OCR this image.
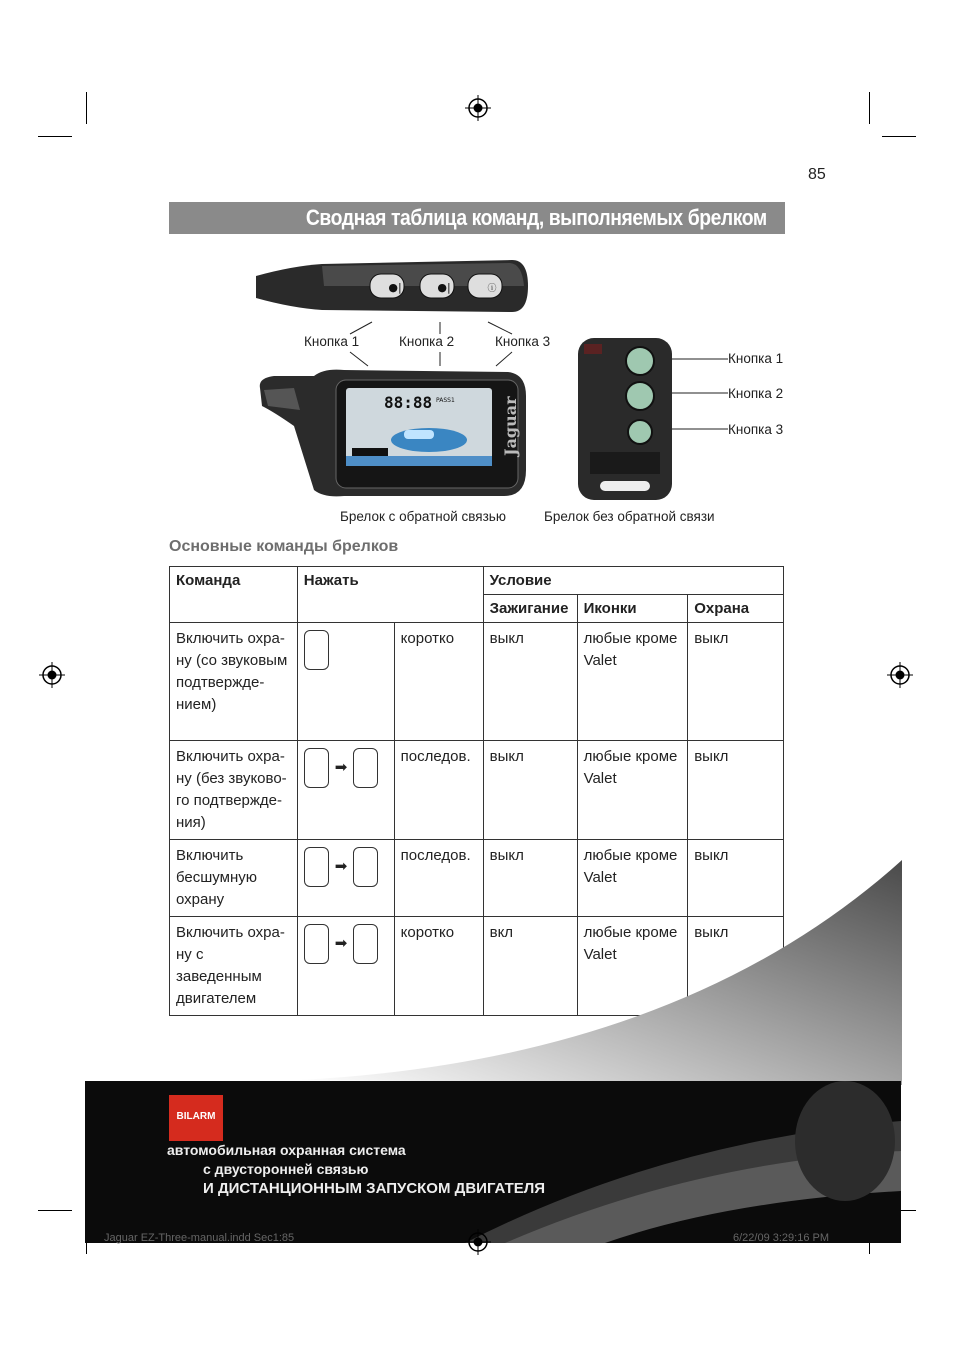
85
Сводная таблица команд, выполняемых брелком
●|	●|	ⓘ
Кнопка 1	Кнопка 2	Кнопка 3
88:88 PASS1	Jaguar
Кнопка 1
Кнопка 2
Кнопка 3
Брелок с обратной связью	Брелок без обратной связи
Основные команды брелков
Команда	Нажать		Условие		
			Зажигание	Иконки	Охрана
Включить охра- ну (со звуковым подтвержде- нием)		коротко	выкл	любые кроме Valet	выкл
Включить охра- ну (без звуково- го подтвержде- ния)	➡	последов.	выкл	любые кроме Valet	выкл
Включить бесшумную охрану	➡	последов.	выкл	любые кроме Valet	выкл
Включить охра- ну с заведенным двигателем	➡	коротко	вкл	любые кроме Valet	выкл
BILARM
автомобильная охранная система
с двусторонней связью
И ДИСТАНЦИОННЫМ ЗАПУСКОМ ДВИГАТЕЛЯ
Jaguar EZ-Three-manual.indd Sec1:85	6/22/09 3:29:16 PM
